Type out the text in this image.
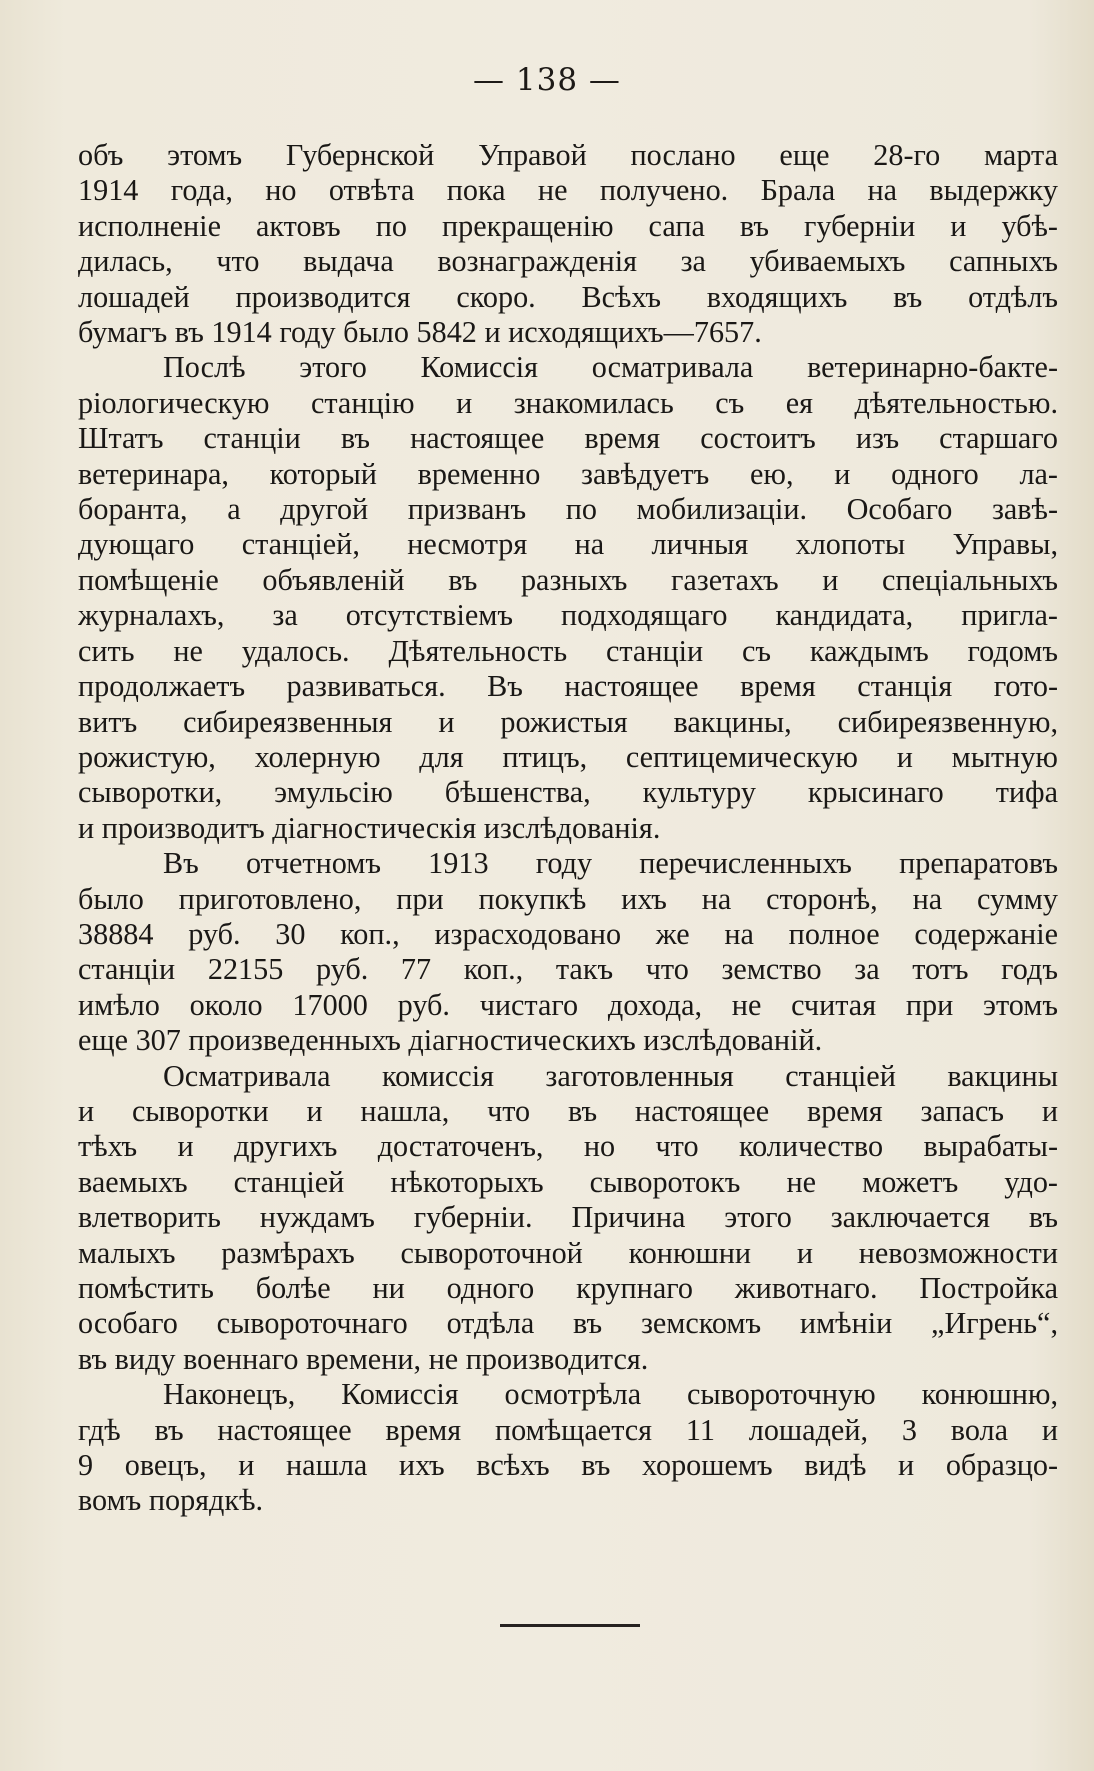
— 138 —
объ этомъ Губернской Управой послано еще 28-го марта
1914 года, но отвѣта пока не получено. Брала на выдержку
исполненіе актовъ по прекращенію сапа въ губерніи и убѣ-
дилась, что выдача вознагражденія за убиваемыхъ сапныхъ
лошадей производится скоро. Всѣхъ входящихъ въ отдѣлъ
бумагъ въ 1914 году было 5842 и исходящихъ—7657.
Послѣ этого Комиссія осматривала ветеринарно-бакте-
ріологическую станцію и знакомилась съ ея дѣятельностью.
Штатъ станціи въ настоящее время состоитъ изъ старшаго
ветеринара, который временно завѣдуетъ ею, и одного ла-
боранта, а другой призванъ по мобилизаціи. Особаго завѣ-
дующаго станціей, несмотря на личныя хлопоты Управы,
помѣщеніе объявленій въ разныхъ газетахъ и спеціальныхъ
журналахъ, за отсутствіемъ подходящаго кандидата, пригла-
сить не удалось. Дѣятельность станціи съ каждымъ годомъ
продолжаетъ развиваться. Въ настоящее время станція гото-
витъ сибиреязвенныя и рожистыя вакцины, сибиреязвенную,
рожистую, холерную для птицъ, септицемическую и мытную
сыворотки, эмульсію бѣшенства, культуру крысинаго тифа
и производитъ діагностическія изслѣдованія.
Въ отчетномъ 1913 году перечисленныхъ препаратовъ
было приготовлено, при покупкѣ ихъ на сторонѣ, на сумму
38884 руб. 30 коп., израсходовано же на полное содержаніе
станціи 22155 руб. 77 коп., такъ что земство за тотъ годъ
имѣло около 17000 руб. чистаго дохода, не считая при этомъ
еще 307 произведенныхъ діагностическихъ изслѣдованій.
Осматривала комиссія заготовленныя станціей вакцины
и сыворотки и нашла, что въ настоящее время запасъ и
тѣхъ и другихъ достаточенъ, но что количество вырабаты-
ваемыхъ станціей нѣкоторыхъ сыворотокъ не можетъ удо-
влетворить нуждамъ губерніи. Причина этого заключается въ
малыхъ размѣрахъ сывороточной конюшни и невозможности
помѣстить болѣе ни одного крупнаго животнаго. Постройка
особаго сывороточнаго отдѣла въ земскомъ имѣніи „Игрень“,
въ виду военнаго времени, не производится.
Наконецъ, Комиссія осмотрѣла сывороточную конюшню,
гдѣ въ настоящее время помѣщается 11 лошадей, 3 вола и
9 овецъ, и нашла ихъ всѣхъ въ хорошемъ видѣ и образцо-
вомъ порядкѣ.
